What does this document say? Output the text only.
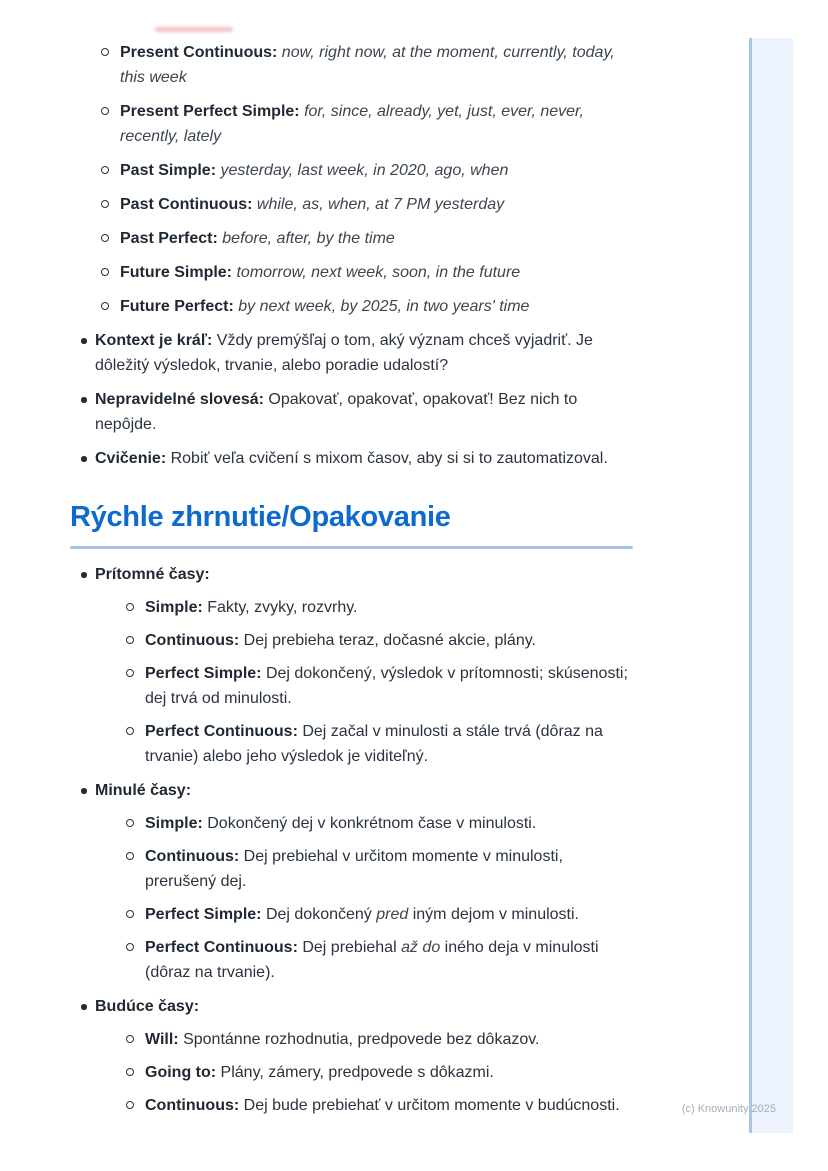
Present Continuous: now, right now, at the moment, currently, today, this week
Present Perfect Simple: for, since, already, yet, just, ever, never, recently, lately
Past Simple: yesterday, last week, in 2020, ago, when
Past Continuous: while, as, when, at 7 PM yesterday
Past Perfect: before, after, by the time
Future Simple: tomorrow, next week, soon, in the future
Future Perfect: by next week, by 2025, in two years' time
Kontext je kráľ: Vždy premýšľaj o tom, aký význam chceš vyjadriť. Je dôležitý výsledok, trvanie, alebo poradie udalostí?
Nepravidelné slovesá: Opakovať, opakovať, opakovať! Bez nich to nepôjde.
Cvičenie: Robiť veľa cvičení s mixom časov, aby si si to zautomatizoval.
Rýchle zhrnutie/Opakovanie
Prítomné časy:
Simple: Fakty, zvyky, rozvrhy.
Continuous: Dej prebieha teraz, dočasné akcie, plány.
Perfect Simple: Dej dokončený, výsledok v prítomnosti; skúsenosti; dej trvá od minulosti.
Perfect Continuous: Dej začal v minulosti a stále trvá (dôraz na trvanie) alebo jeho výsledok je viditeľný.
Minulé časy:
Simple: Dokončený dej v konkrétnom čase v minulosti.
Continuous: Dej prebiehal v určitom momente v minulosti, prerušený dej.
Perfect Simple: Dej dokončený pred iným dejom v minulosti.
Perfect Continuous: Dej prebiehal až do iného deja v minulosti (dôraz na trvanie).
Budúce časy:
Will: Spontánne rozhodnutia, predpovede bez dôkazov.
Going to: Plány, zámery, predpovede s dôkazmi.
Continuous: Dej bude prebiehať v určitom momente v budúcnosti.	(c) Knowunity 2025
